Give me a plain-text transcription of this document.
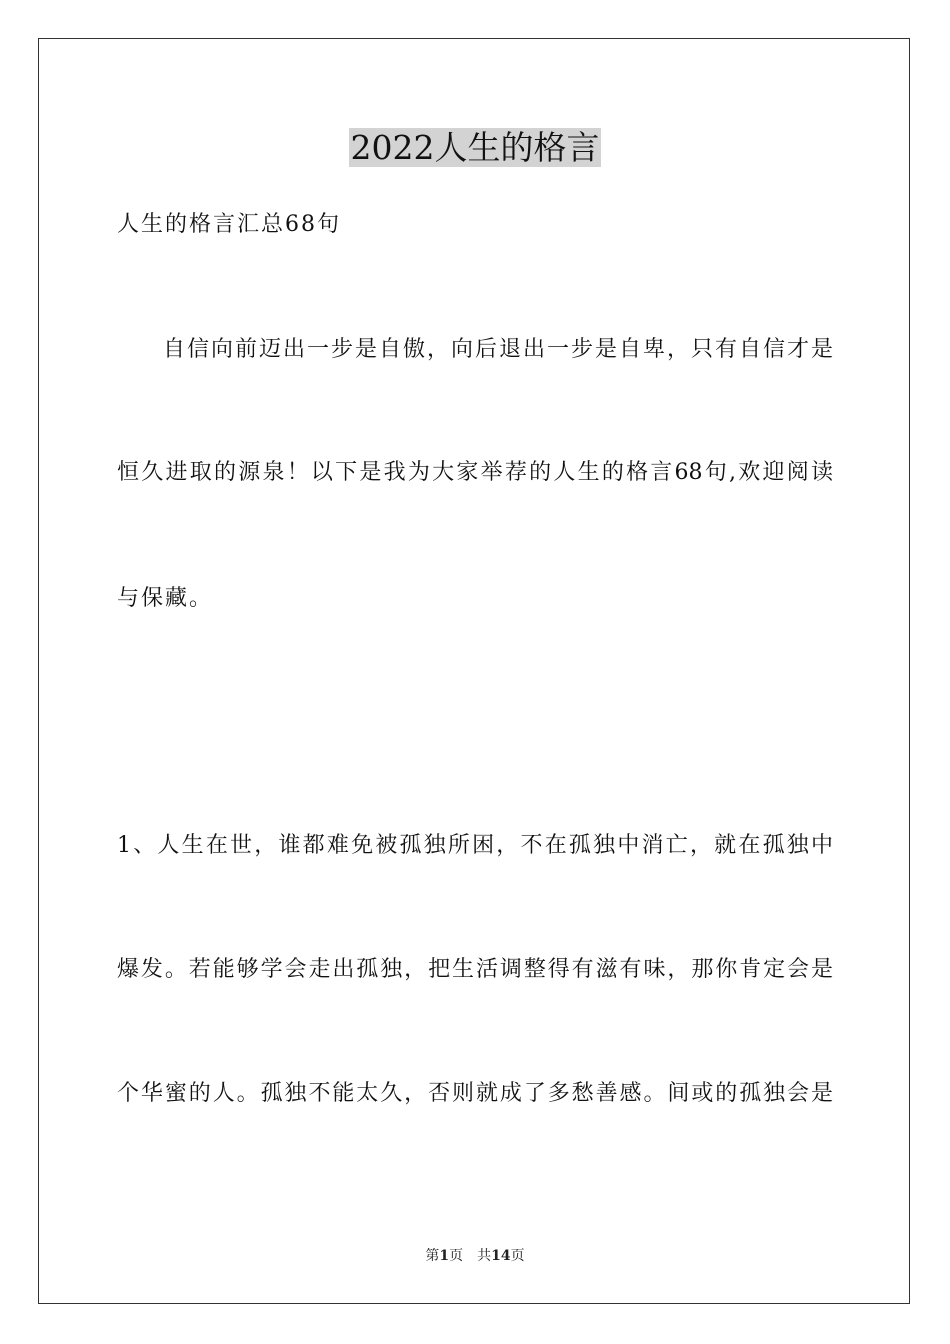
2022人生的格言

人生的格言汇总68句

自信向前迈出一步是自傲，向后退出一步是自卑，只有自信才是

恒久进取的源泉！以下是我为大家举荐的人生的格言68句,欢迎阅读

与保藏。

1、人生在世，谁都难免被孤独所困，不在孤独中消亡，就在孤独中

爆发。若能够学会走出孤独，把生活调整得有滋有味，那你肯定会是

个华蜜的人。孤独不能太久，否则就成了多愁善感。间或的孤独会是

第1页 共14页
